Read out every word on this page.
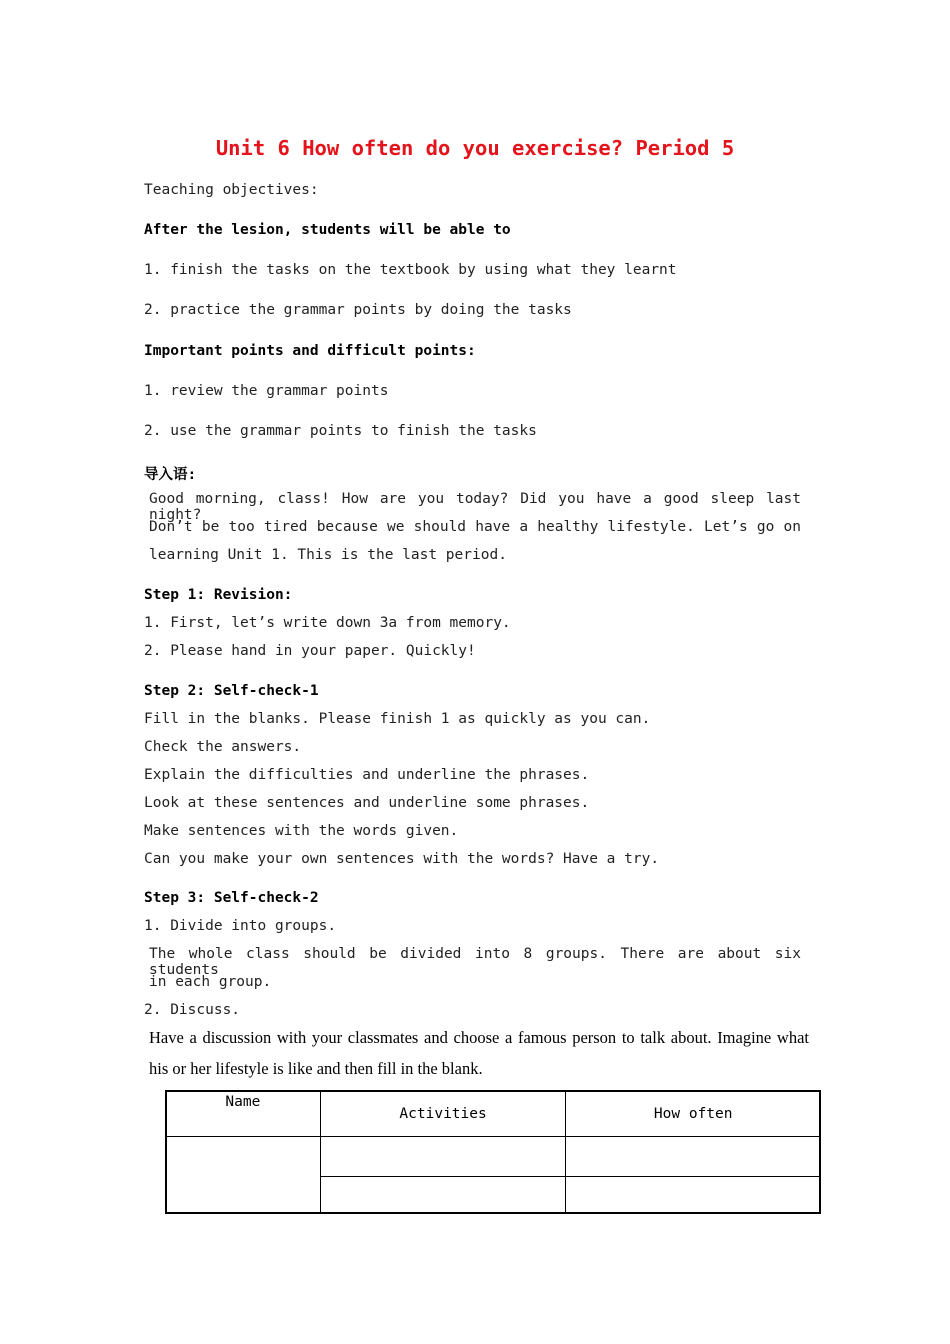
Unit 6 How often do you exercise? Period 5
Teaching objectives:
After the lesion, students will be able to
1. finish the tasks on the textbook by using what they learnt
2. practice the grammar points by doing the tasks
Important points and difficult points:
1. review the grammar points
2. use the grammar points to finish the tasks
导入语:
Good morning, class! How are you today? Did you have a good sleep last night?
Don’t be too tired because we should have a healthy lifestyle. Let’s go on
learning Unit 1. This is the last period.
Step 1: Revision:
1. First, let’s write down 3a from memory.
2. Please hand in your paper. Quickly!
Step 2: Self-check-1
Fill in the blanks. Please finish 1 as quickly as you can.
Check the answers.
Explain the difficulties and underline the phrases.
Look at these sentences and underline some phrases.
Make sentences with the words given.
Can you make your own sentences with the words? Have a try.
Step 3: Self-check-2
1. Divide into groups.
The whole class should be divided into 8 groups. There are about six students
in each group.
2. Discuss.
Have a discussion with your classmates and choose a famous person to talk about. Imagine what
his or her lifestyle is like and then fill in the blank.
Name	Activities	How often
